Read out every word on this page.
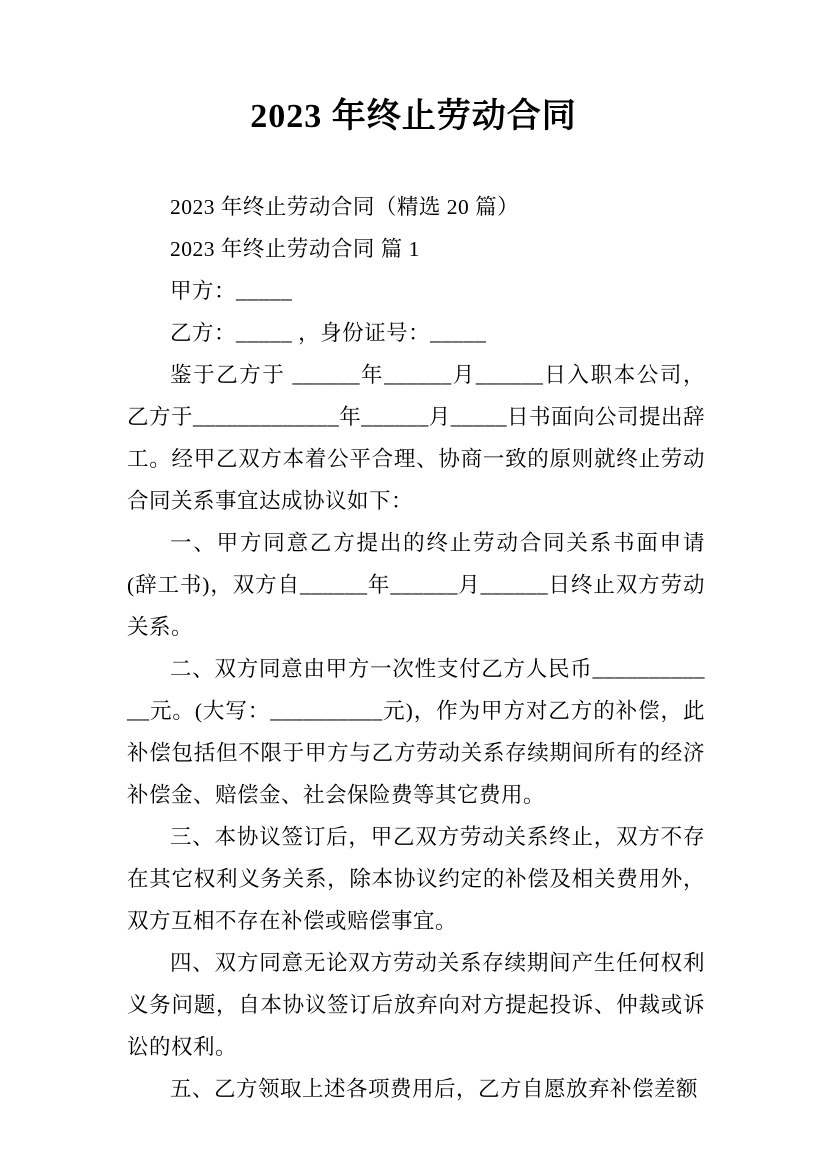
2023 年终止劳动合同

2023 年终止劳动合同（精选 20 篇）

2023 年终止劳动合同 篇 1

甲方：_____

乙方：_____ ，身份证号：_____

鉴于乙方于 ______年______月______日入职本公司，乙方于_____________年______月_____日书面向公司提出辞工。经甲乙双方本着公平合理、协商一致的原则就终止劳动合同关系事宜达成协议如下：

一、甲方同意乙方提出的终止劳动合同关系书面申请(辞工书)，双方自______年______月______日终止双方劳动关系。

二、双方同意由甲方一次性支付乙方人民币____________元。(大写：__________元)，作为甲方对乙方的补偿，此补偿包括但不限于甲方与乙方劳动关系存续期间所有的经济补偿金、赔偿金、社会保险费等其它费用。

三、本协议签订后，甲乙双方劳动关系终止，双方不存在其它权利义务关系，除本协议约定的补偿及相关费用外，双方互相不存在补偿或赔偿事宜。

四、双方同意无论双方劳动关系存续期间产生任何权利义务问题，自本协议签订后放弃向对方提起投诉、仲裁或诉讼的权利。

五、乙方领取上述各项费用后，乙方自愿放弃补偿差额
